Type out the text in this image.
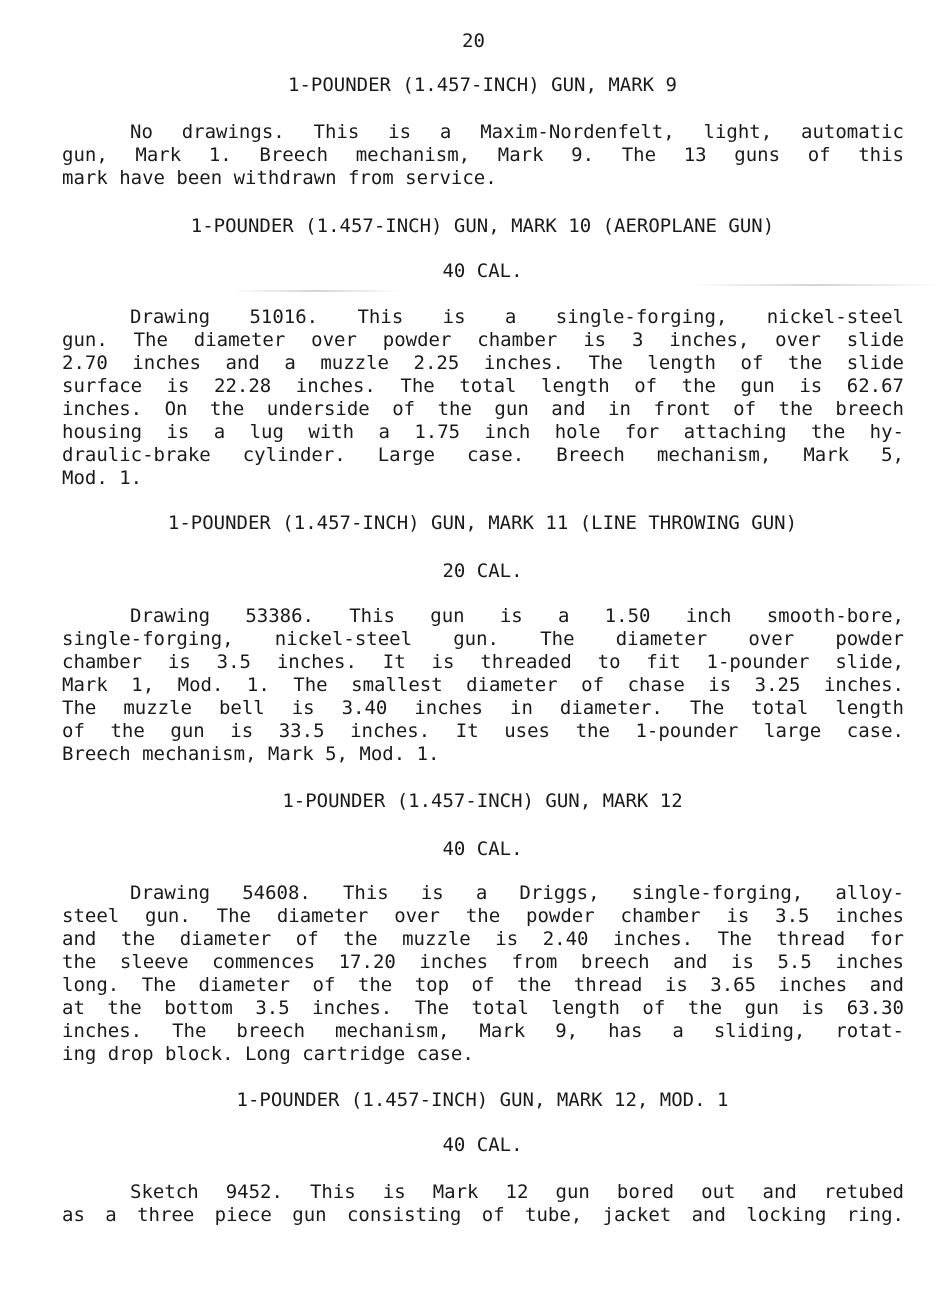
20
1-POUNDER (1.457-INCH) GUN, MARK 9
No drawings. This is a Maxim-Nordenfelt, light, automatic
gun, Mark 1. Breech mechanism, Mark 9. The 13 guns of this
mark have been withdrawn from service.
1-POUNDER (1.457-INCH) GUN, MARK 10 (AEROPLANE GUN)
40 CAL.
Drawing 51016. This is a single-forging, nickel-steel
gun. The diameter over powder chamber is 3 inches, over slide
2.70 inches and a muzzle 2.25 inches. The length of the slide
surface is 22.28 inches. The total length of the gun is 62.67
inches. On the underside of the gun and in front of the breech
housing is a lug with a 1.75 inch hole for attaching the hy-
draulic-brake cylinder. Large case. Breech mechanism, Mark 5,
Mod. 1.
1-POUNDER (1.457-INCH) GUN, MARK 11 (LINE THROWING GUN)
20 CAL.
Drawing 53386. This gun is a 1.50 inch smooth-bore,
single-forging, nickel-steel gun. The diameter over powder
chamber is 3.5 inches. It is threaded to fit 1-pounder slide,
Mark 1, Mod. 1. The smallest diameter of chase is 3.25 inches.
The muzzle bell is 3.40 inches in diameter. The total length
of the gun is 33.5 inches. It uses the 1-pounder large case.
Breech mechanism, Mark 5, Mod. 1.
1-POUNDER (1.457-INCH) GUN, MARK 12
40 CAL.
Drawing 54608. This is a Driggs, single-forging, alloy-
steel gun. The diameter over the powder chamber is 3.5 inches
and the diameter of the muzzle is 2.40 inches. The thread for
the sleeve commences 17.20 inches from breech and is 5.5 inches
long. The diameter of the top of the thread is 3.65 inches and
at the bottom 3.5 inches. The total length of the gun is 63.30
inches. The breech mechanism, Mark 9, has a sliding, rotat-
ing drop block. Long cartridge case.
1-POUNDER (1.457-INCH) GUN, MARK 12, MOD. 1
40 CAL.
Sketch 9452. This is Mark 12 gun bored out and retubed
as a three piece gun consisting of tube, jacket and locking ring.
